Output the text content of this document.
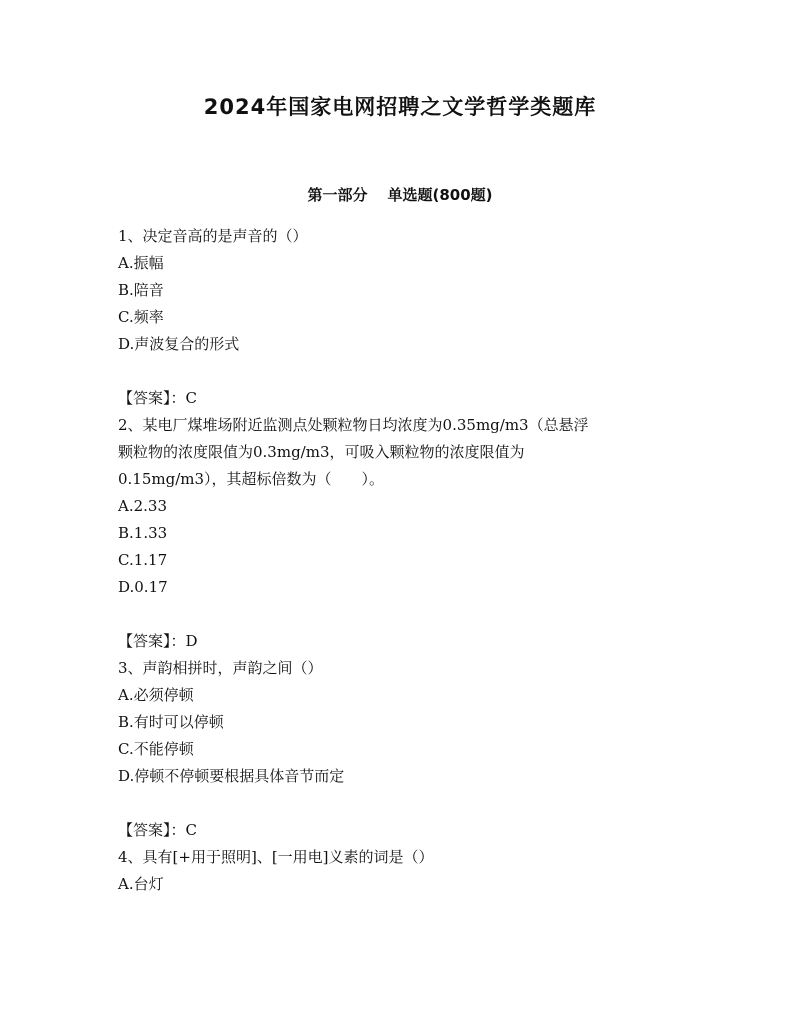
2024年国家电网招聘之文学哲学类题库
第一部分 单选题(800题)
1、决定音高的是声音的（）
A.振幅
B.陪音
C.频率
D.声波复合的形式
【答案】：C
2、某电厂煤堆场附近监测点处颗粒物日均浓度为0.35mg/m3（总悬浮
颗粒物的浓度限值为0.3mg/m3，可吸入颗粒物的浓度限值为
0.15mg/m3），其超标倍数为（　　）。
A.2.33
B.1.33
C.1.17
D.0.17
【答案】：D
3、声韵相拼时，声韵之间（）
A.必须停顿
B.有时可以停顿
C.不能停顿
D.停顿不停顿要根据具体音节而定
【答案】：C
4、具有[+用于照明]、[一用电]义素的词是（）
A.台灯
